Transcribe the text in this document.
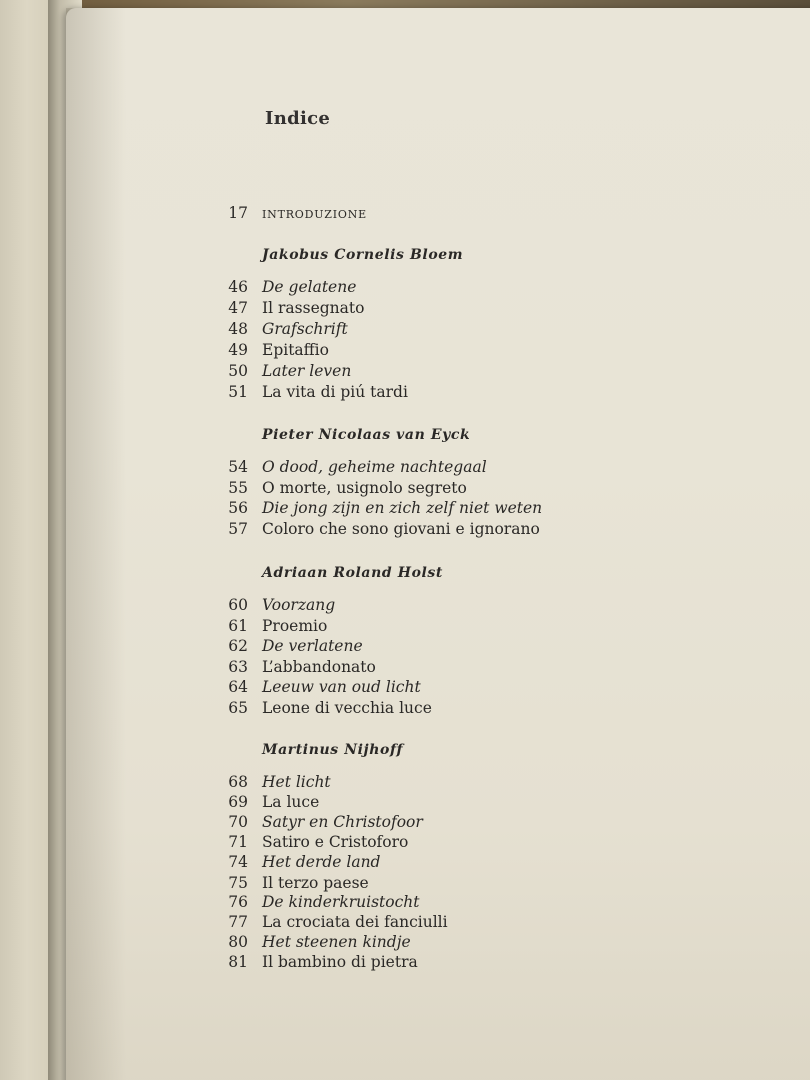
Indice
17 INTRODUZIONE
Jakobus Cornelis Bloem
46 De gelatene
47 Il rassegnato
48 Grafschrift
49 Epitaffio
50 Later leven
51 La vita di piú tardi
Pieter Nicolaas van Eyck
54 O dood, geheime nachtegaal
55 O morte, usignolo segreto
56 Die jong zijn en zich zelf niet weten
57 Coloro che sono giovani e ignorano
Adriaan Roland Holst
60 Voorzang
61 Proemio
62 De verlatene
63 L’abbandonato
64 Leeuw van oud licht
65 Leone di vecchia luce
Martinus Nijhoff
68 Het licht
69 La luce
70 Satyr en Christofoor
71 Satiro e Cristoforo
74 Het derde land
75 Il terzo paese
76 De kinderkruistocht
77 La crociata dei fanciulli
80 Het steenen kindje
81 Il bambino di pietra
